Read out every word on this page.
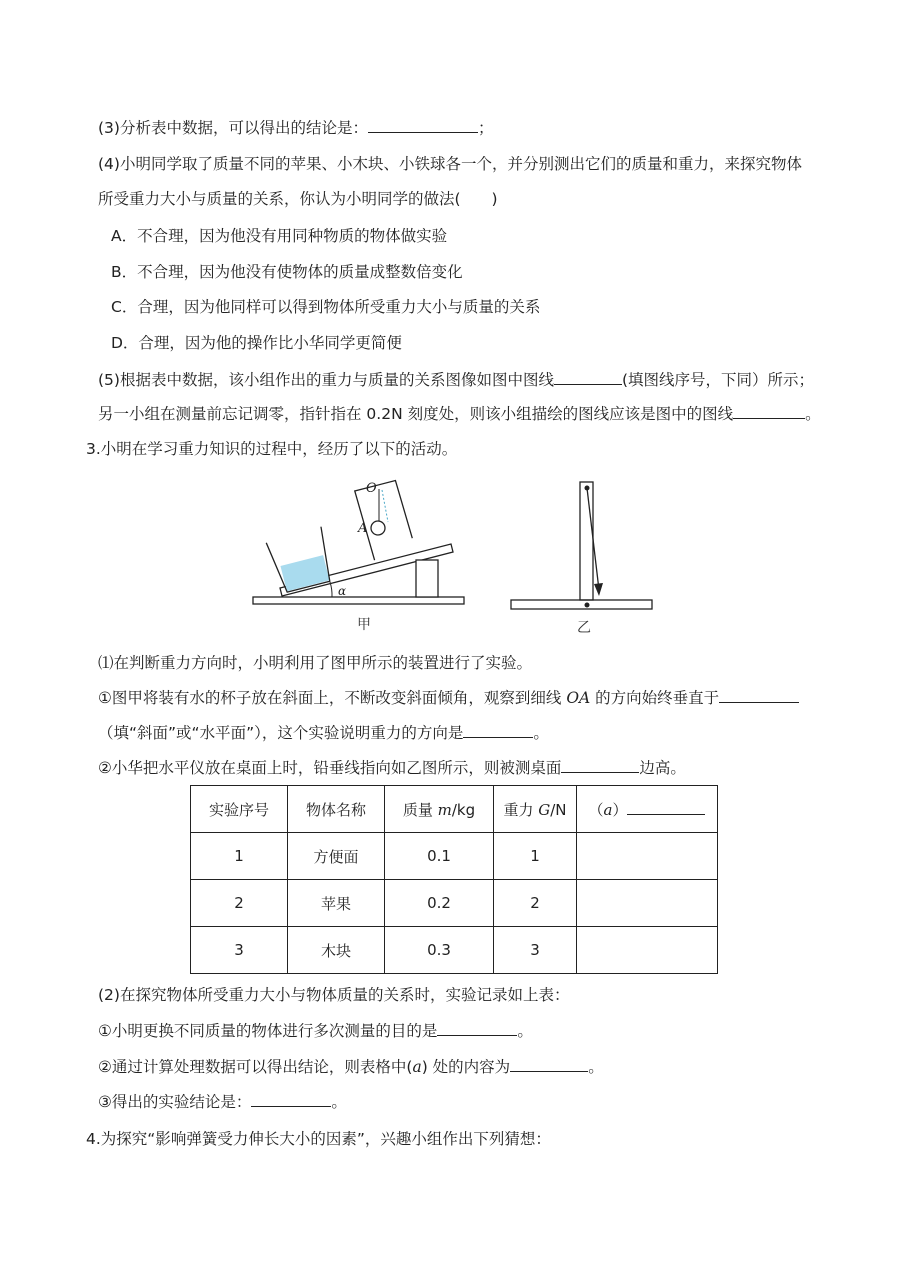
(3)分析表中数据，可以得出的结论是：	；
(4)小明同学取了质量不同的苹果、小木块、小铁球各一个，并分别测出它们的质量和重力，来探究物体
所受重力大小与质量的关系，你认为小明同学的做法(　　)
A．不合理，因为他没有用同种物质的物体做实验
B．不合理，因为他没有使物体的质量成整数倍变化
C．合理，因为他同样可以得到物体所受重力大小与质量的关系
D．合理，因为他的操作比小华同学更简便
(5)根据表中数据，该小组作出的重力与质量的关系图像如图中图线	(填图线序号，下同）所示；
另一小组在测量前忘记调零，指针指在 0.2N 刻度处，则该小组描绘的图线应该是图中的图线	。
3.小明在学习重力知识的过程中，经历了以下的活动。
α
O
A
甲	乙
⑴在判断重力方向时，小明利用了图甲所示的装置进行了实验。
①图甲将装有水的杯子放在斜面上，不断改变斜面倾角，观察到细线 OA 的方向始终垂直于
（填“斜面”或“水平面”），这个实验说明重力的方向是	。
②小华把水平仪放在桌面上时，铅垂线指向如乙图所示，则被测桌面	边高。
实验序号	物体名称	质量 m/kg	重力 G/N	（a）
1	方便面	0.1	1	
2	苹果	0.2	2	
3	木块	0.3	3	
(2)在探究物体所受重力大小与物体质量的关系时，实验记录如上表：
①小明更换不同质量的物体进行多次测量的目的是	。
②通过计算处理数据可以得出结论，则表格中(a) 处的内容为	。
③得出的实验结论是：	。
4.为探究“影响弹簧受力伸长大小的因素”，兴趣小组作出下列猜想：
